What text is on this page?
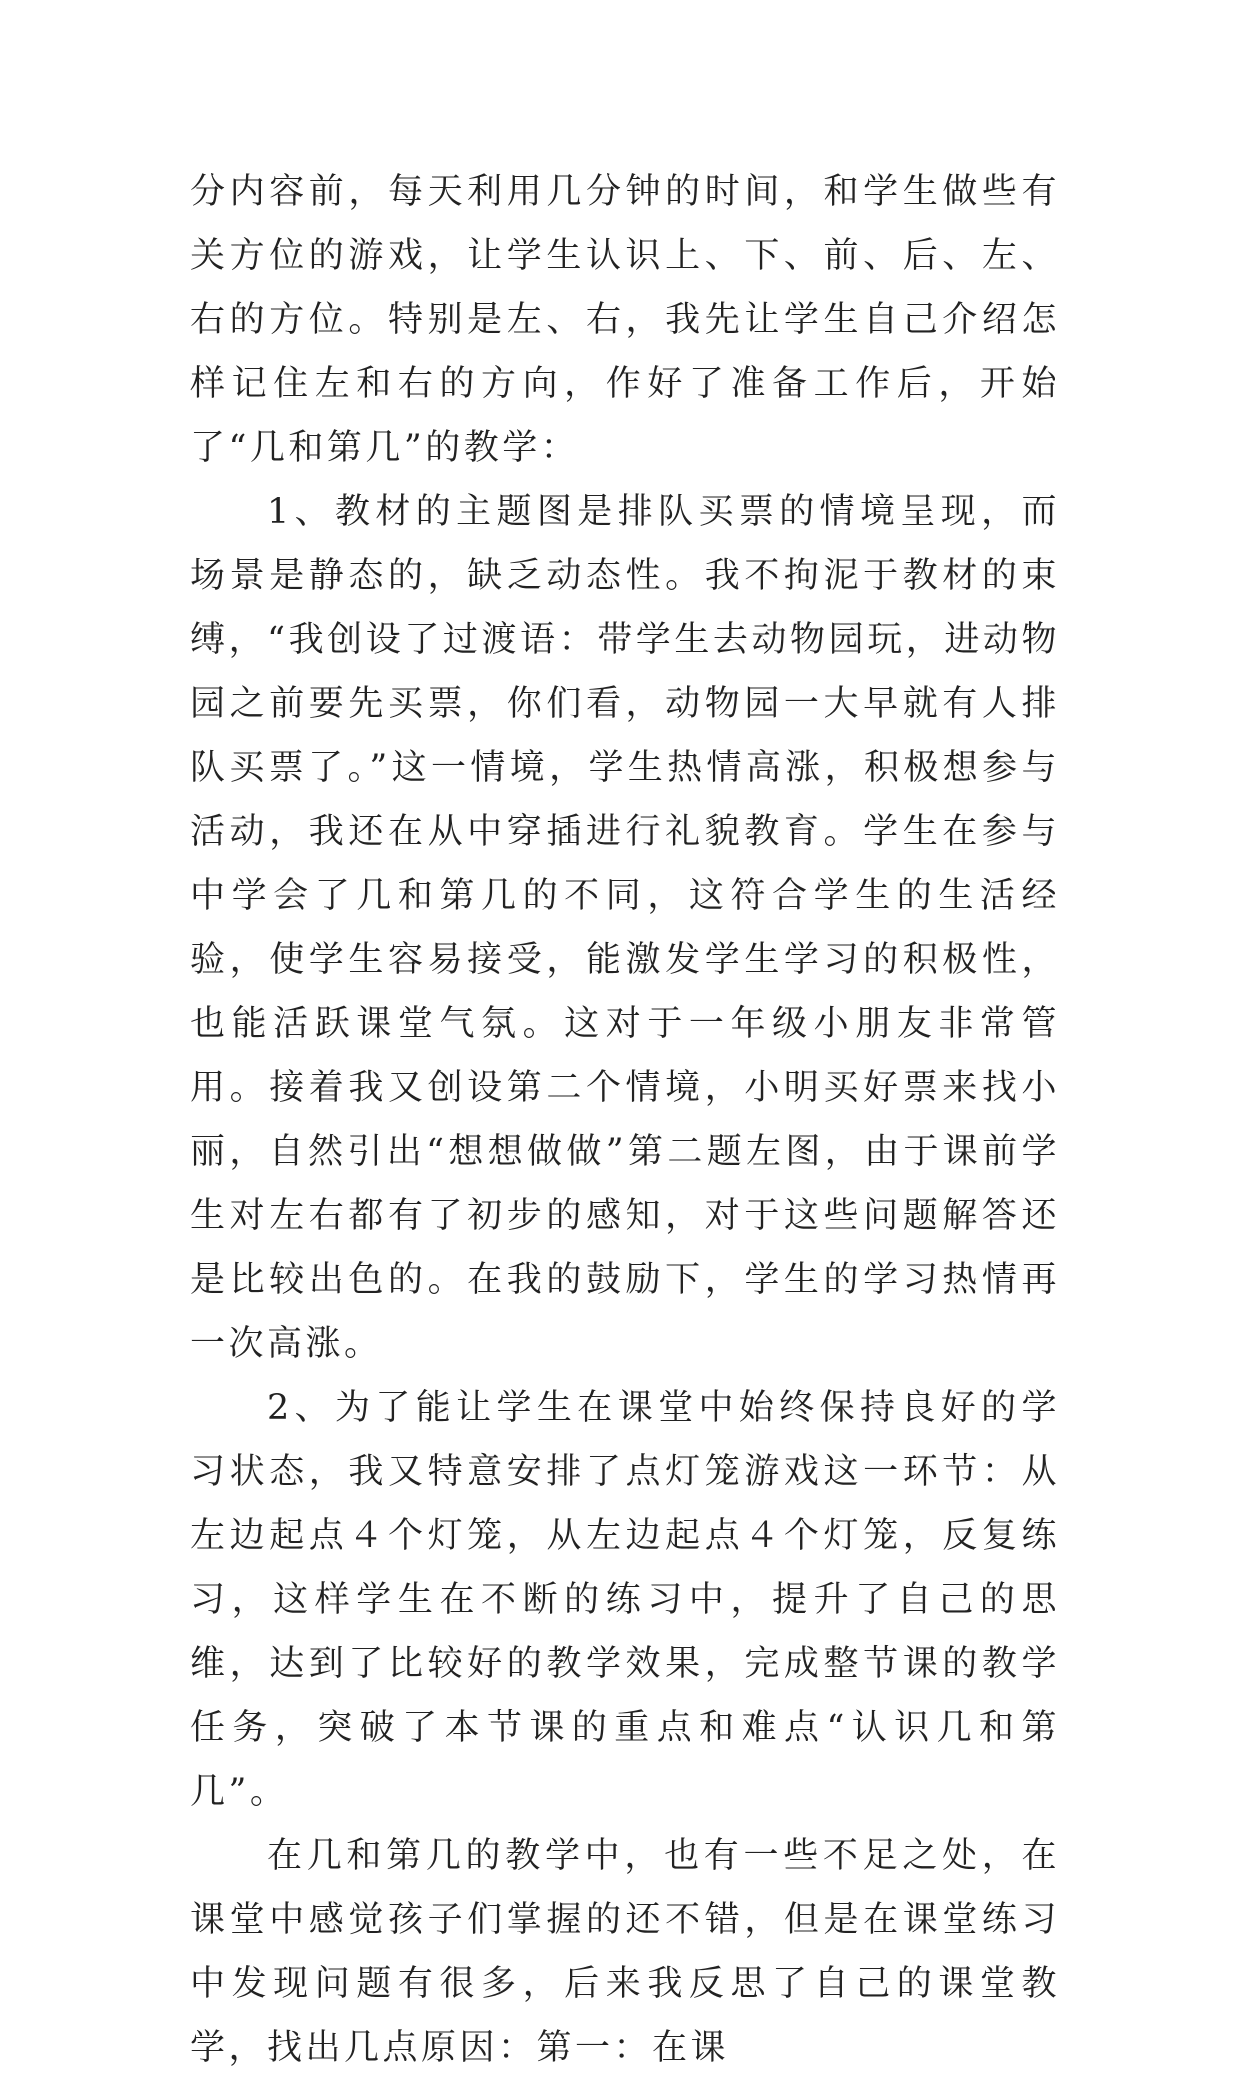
分内容前，每天利用几分钟的时间，和学生做些有关方位的游戏，让学生认识上、下、前、后、左、右的方位。特别是左、右，我先让学生自己介绍怎样记住左和右的方向，作好了准备工作后，开始了“几和第几”的教学：

1、教材的主题图是排队买票的情境呈现，而场景是静态的，缺乏动态性。我不拘泥于教材的束缚，“我创设了过渡语：带学生去动物园玩，进动物园之前要先买票，你们看，动物园一大早就有人排队买票了。”这一情境，学生热情高涨，积极想参与活动，我还在从中穿插进行礼貌教育。学生在参与中学会了几和第几的不同，这符合学生的生活经验，使学生容易接受，能激发学生学习的积极性，也能活跃课堂气氛。这对于一年级小朋友非常管用。接着我又创设第二个情境，小明买好票来找小丽，自然引出“想想做做”第二题左图，由于课前学生对左右都有了初步的感知，对于这些问题解答还是比较出色的。在我的鼓励下，学生的学习热情再一次高涨。

2、为了能让学生在课堂中始终保持良好的学习状态，我又特意安排了点灯笼游戏这一环节：从左边起点４个灯笼，从左边起点４个灯笼，反复练习，这样学生在不断的练习中，提升了自己的思维，达到了比较好的教学效果，完成整节课的教学任务，突破了本节课的重点和难点“认识几和第几”。

在几和第几的教学中，也有一些不足之处，在课堂中感觉孩子们掌握的还不错，但是在课堂练习中发现问题有很多，后来我反思了自己的课堂教学，找出几点原因：第一：在课
